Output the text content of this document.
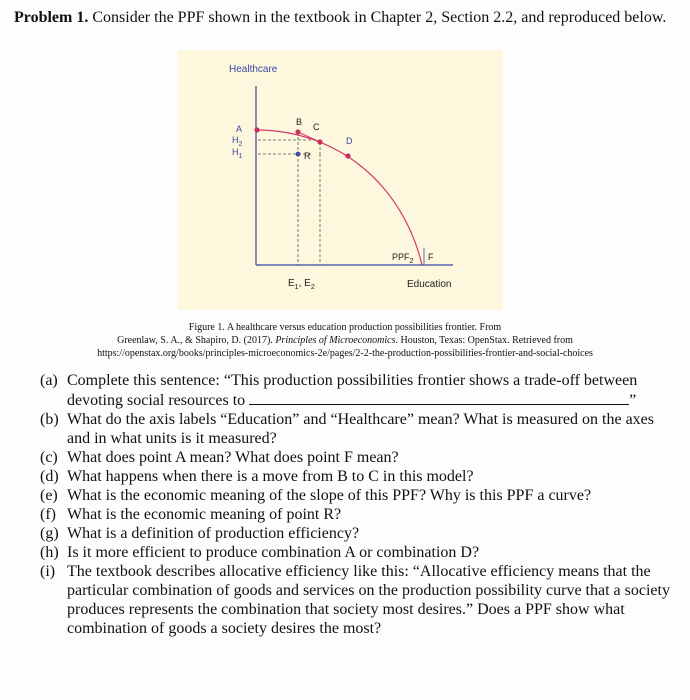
Problem 1. Consider the PPF shown in the textbook in Chapter 2, Section 2.2, and reproduced below.
Healthcare
Education
A
B C
D
R
F
$H_2$
$H_1$
$E_1$, $E_2$
$PPF_2$
Figure 1. A healthcare versus education production possibilities frontier. From
Greenlaw, S. A., & Shapiro, D. (2017). Principles of Microeconomics. Houston, Texas: OpenStax. Retrieved from
https://openstax.org/books/principles-microeconomics-2e/pages/2-2-the-production-possibilities-frontier-and-social-choices
(a) Complete this sentence: “This production possibilities frontier shows a trade-off between devoting social resources to	”
(b) What do the axis labels “Education” and “Healthcare” mean? What is measured on the axes and in what units is it measured?
(c) What does point A mean? What does point F mean?
(d) What happens when there is a move from B to C in this model?
(e) What is the economic meaning of the slope of this PPF? Why is this PPF a curve?
(f) What is the economic meaning of point R?
(g) What is a definition of production efficiency?
(h) Is it more efficient to produce combination A or combination D?
(i) The textbook describes allocative efficiency like this: “Allocative efficiency means that the particular combination of goods and services on the production possibility curve that a society produces represents the combination that society most desires.” Does a PPF show what combination of goods a society desires the most?
